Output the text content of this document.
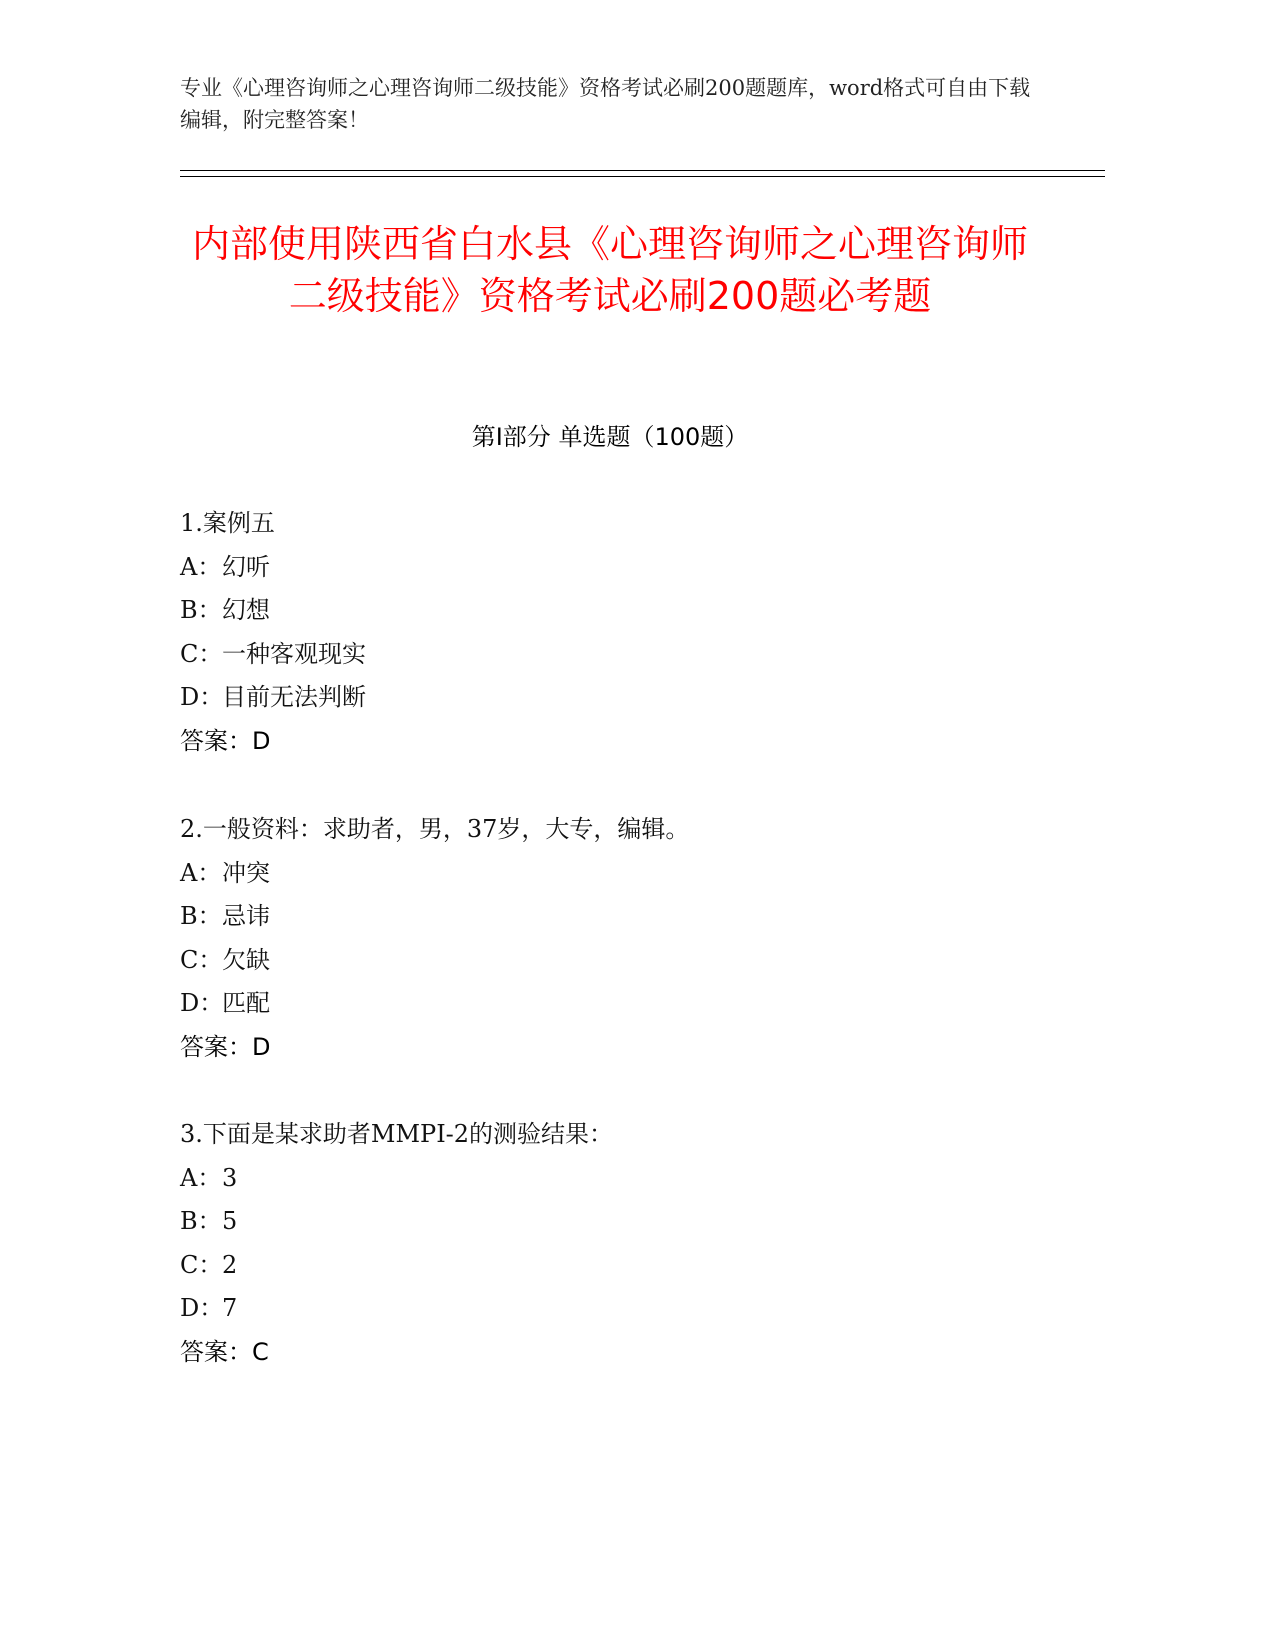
专业《心理咨询师之心理咨询师二级技能》资格考试必刷200题题库，word格式可自由下载编辑，附完整答案！
内部使用陕西省白水县《心理咨询师之心理咨询师二级技能》资格考试必刷200题必考题
第I部分 单选题（100题）
1.案例五
A：幻听
B：幻想
C：一种客观现实
D：目前无法判断
答案：D
2.一般资料：求助者，男，37岁，大专，编辑。
A：冲突
B：忌讳
C：欠缺
D：匹配
答案：D
3.下面是某求助者MMPI-2的测验结果：
A：3
B：5
C：2
D：7
答案：C
